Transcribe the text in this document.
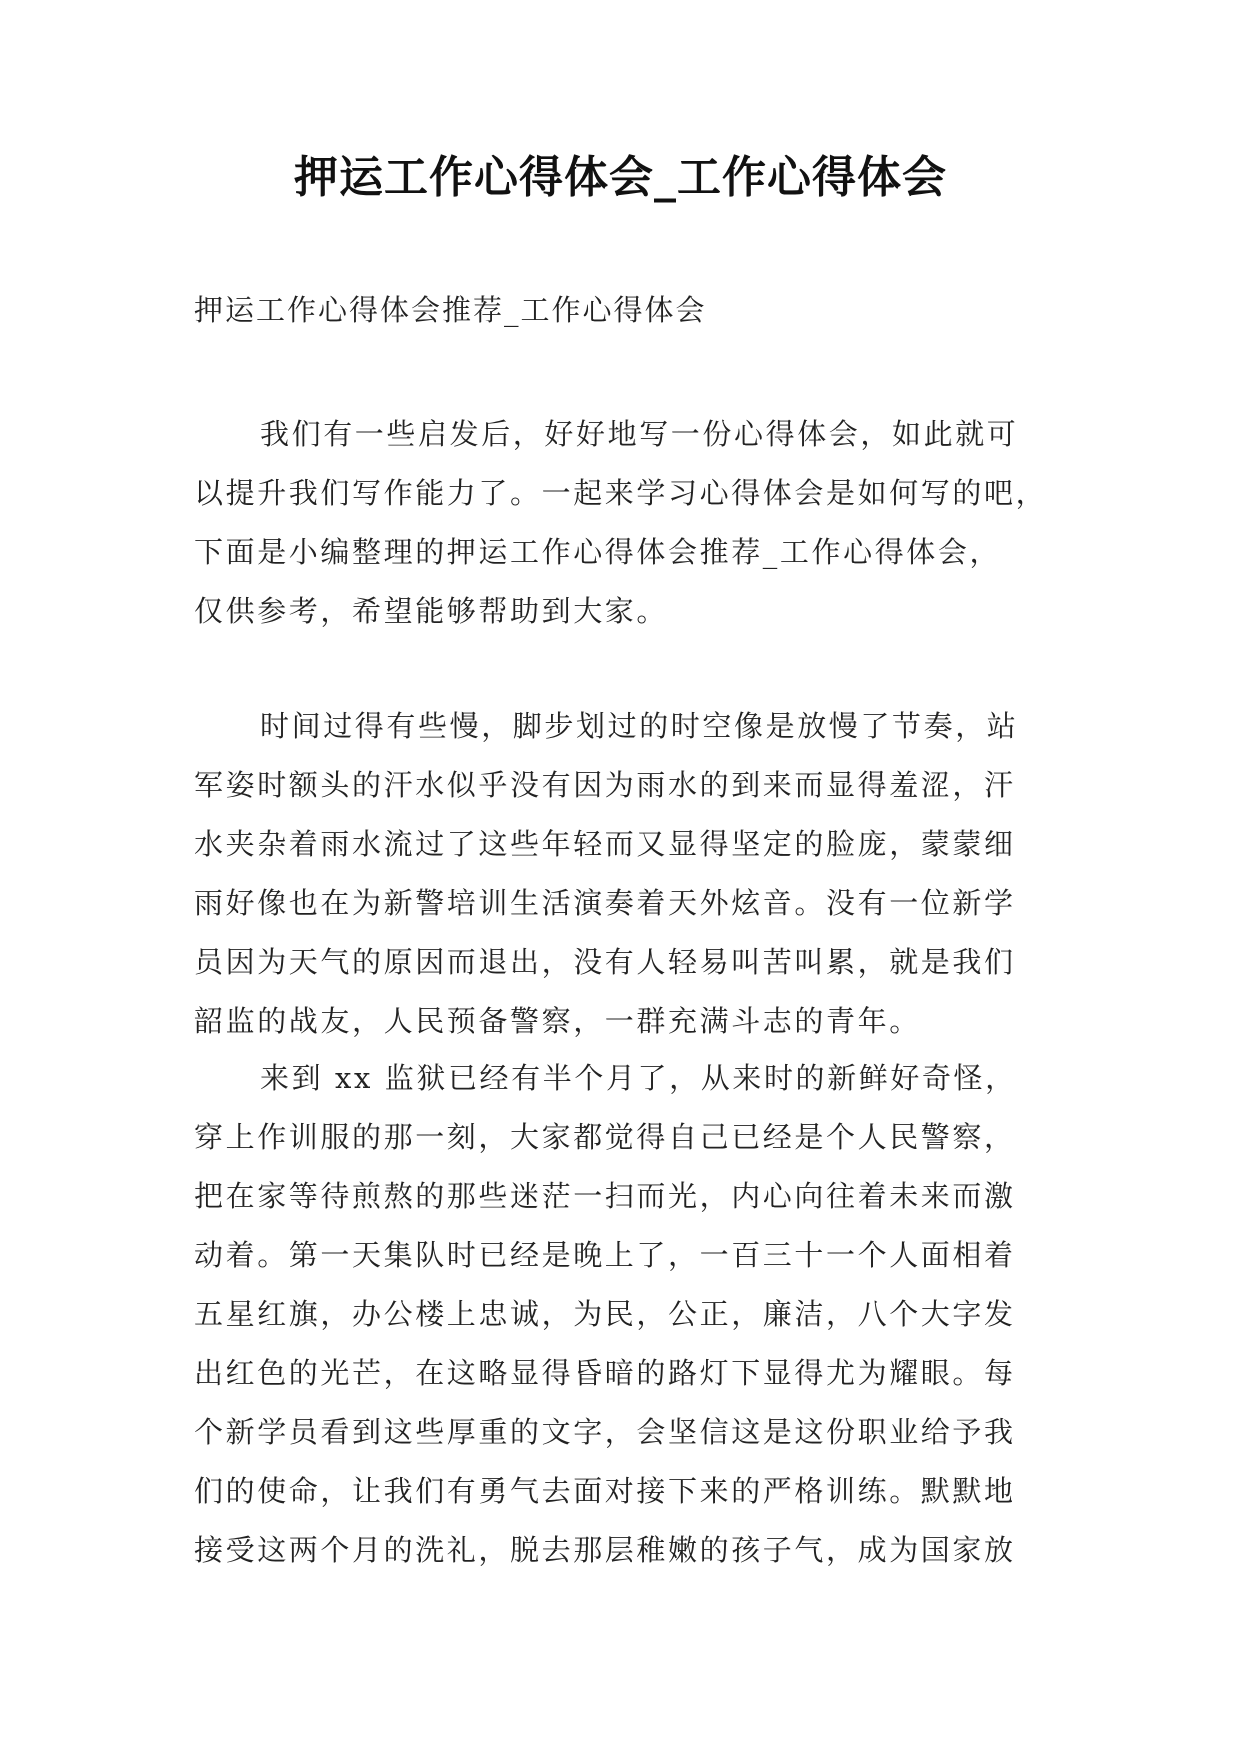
押运工作心得体会_工作心得体会
押运工作心得体会推荐_工作心得体会
我们有一些启发后，好好地写一份心得体会，如此就可
以提升我们写作能力了。一起来学习心得体会是如何写的吧，
下面是小编整理的押运工作心得体会推荐_工作心得体会，
仅供参考，希望能够帮助到大家。
时间过得有些慢，脚步划过的时空像是放慢了节奏，站
军姿时额头的汗水似乎没有因为雨水的到来而显得羞涩，汗
水夹杂着雨水流过了这些年轻而又显得坚定的脸庞，蒙蒙细
雨好像也在为新警培训生活演奏着天外炫音。没有一位新学
员因为天气的原因而退出，没有人轻易叫苦叫累，就是我们
韶监的战友，人民预备警察，一群充满斗志的青年。
来到 xx 监狱已经有半个月了，从来时的新鲜好奇怪，
穿上作训服的那一刻，大家都觉得自己已经是个人民警察，
把在家等待煎熬的那些迷茫一扫而光，内心向往着未来而激
动着。第一天集队时已经是晚上了，一百三十一个人面相着
五星红旗，办公楼上忠诚，为民，公正，廉洁，八个大字发
出红色的光芒，在这略显得昏暗的路灯下显得尤为耀眼。每
个新学员看到这些厚重的文字，会坚信这是这份职业给予我
们的使命，让我们有勇气去面对接下来的严格训练。默默地
接受这两个月的洗礼，脱去那层稚嫩的孩子气，成为国家放
